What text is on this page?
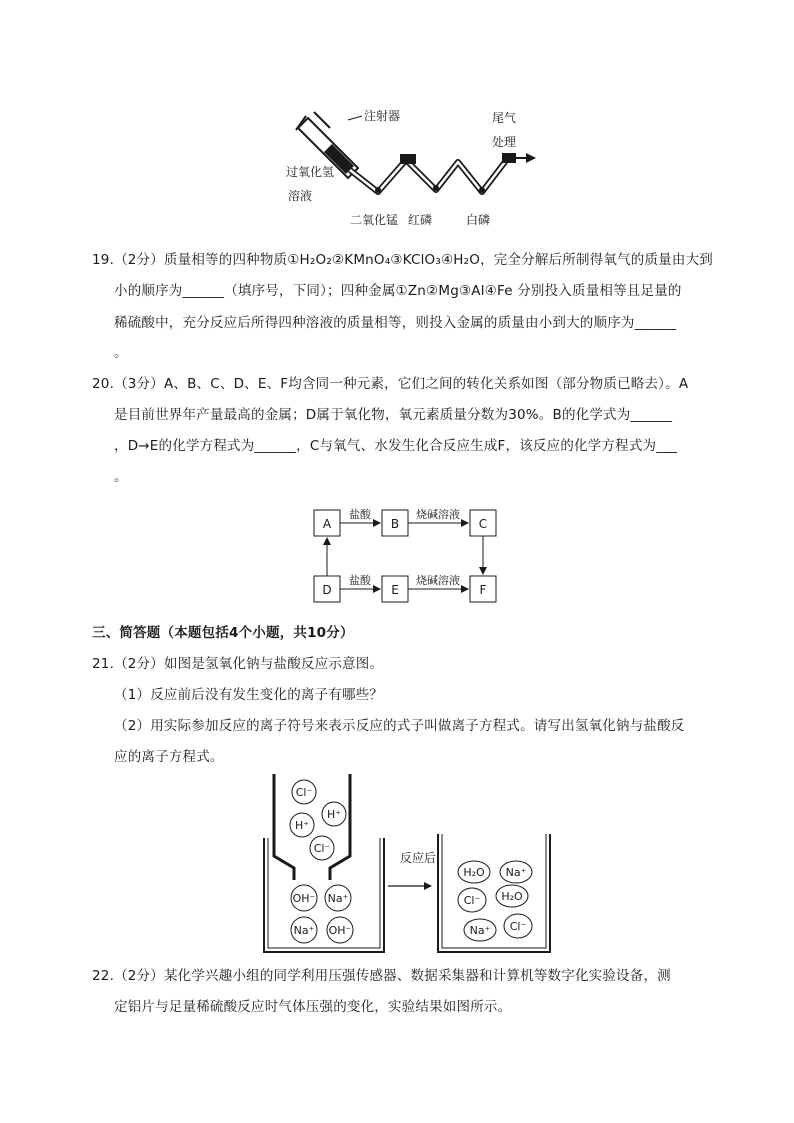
注射器	尾气
处理
过氧化氢
溶液
二氧化锰 红磷	白磷
19.（2分）质量相等的四种物质①H₂O₂②KMnO₄③KClO₃④H₂O，完全分解后所制得氧气的质量由大到
小的顺序为______（填序号，下同）；四种金属①Zn②Mg③Al④Fe 分别投入质量相等且足量的
稀硫酸中，充分反应后所得四种溶液的质量相等，则投入金属的质量由小到大的顺序为______
。
20.（3分）A、B、C、D、E、F均含同一种元素，它们之间的转化关系如图（部分物质已略去）。A
是目前世界年产量最高的金属；D属于氧化物，氧元素质量分数为30%。B的化学式为______
，D→E的化学方程式为______，C与氧气、水发生化合反应生成F，该反应的化学方程式为___
。
A	B	C
D	E	F
盐酸	烧碱溶液
盐酸	烧碱溶液
三、简答题（本题包括4个小题，共10分）
21.（2分）如图是氢氧化钠与盐酸反应示意图。
（1）反应前后没有发生变化的离子有哪些？
（2）用实际参加反应的离子符号来表示反应的式子叫做离子方程式。请写出氢氧化钠与盐酸反
应的离子方程式。
Cl⁻
H⁺
H⁺
Cl⁻
OH⁻ Na⁺
Na⁺ OH⁻
反应后
H₂O Na⁺
H₂O
Cl⁻
Na⁺ Cl⁻
22.（2分）某化学兴趣小组的同学利用压强传感器、数据采集器和计算机等数字化实验设备，测
定铝片与足量稀硫酸反应时气体压强的变化，实验结果如图所示。
